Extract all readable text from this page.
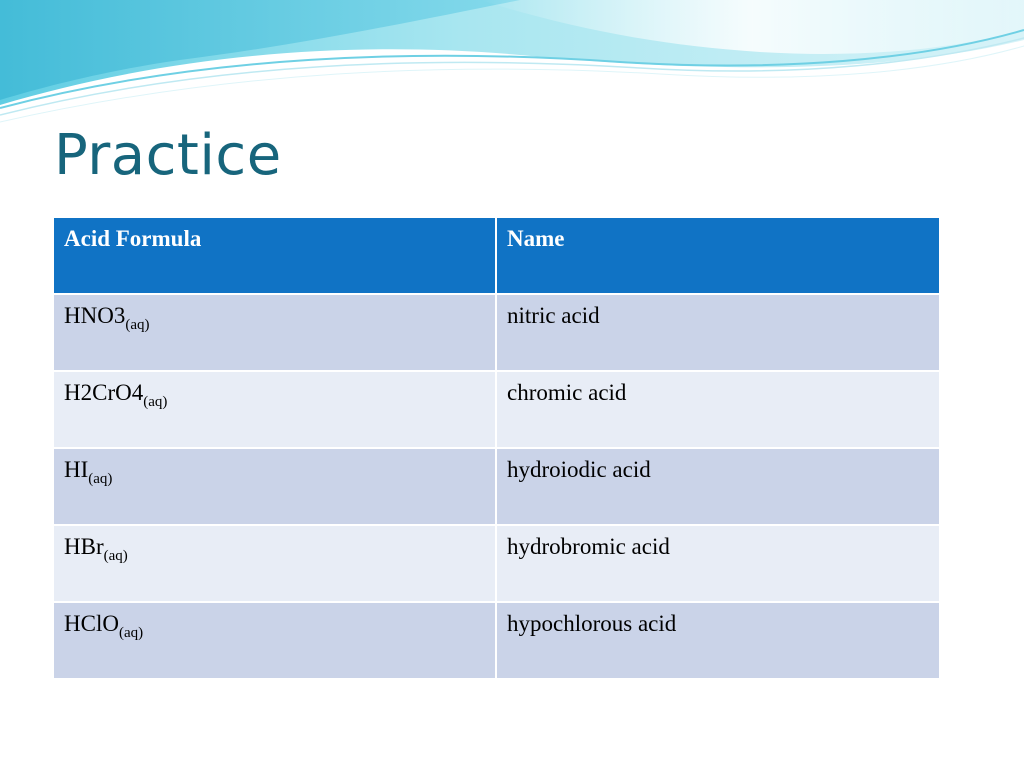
Practice
Acid Formula	Name
$HNO3_{(aq)}$	nitric acid
$H2CrO4_{(aq)}$	chromic acid
$HI_{(aq)}$	hydroiodic acid
HBr$_{(aq)}$	hydrobromic acid
HClO$_{(aq)}$	hypochlorous acid
